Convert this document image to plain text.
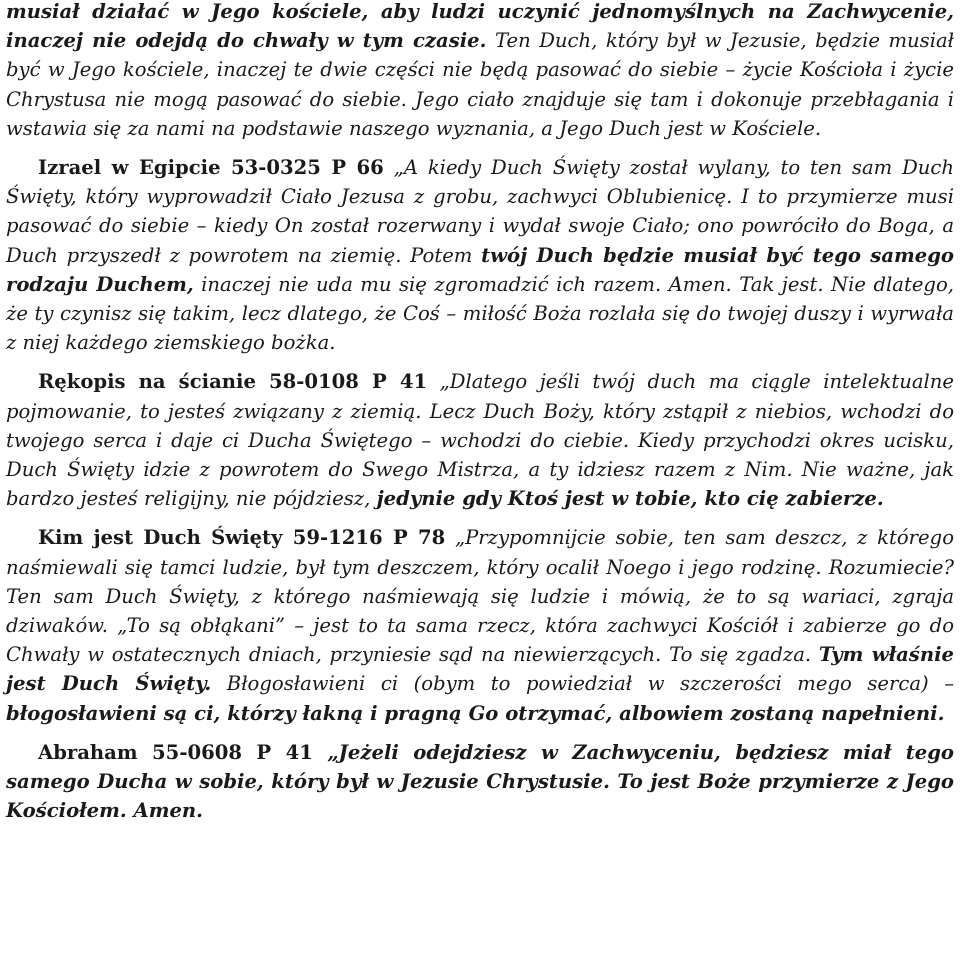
musiał działać w Jego kościele, aby ludzi uczynić jednomyślnych na Zachwycenie, inaczej nie odejdą do chwały w tym czasie. Ten Duch, który był w Jezusie, będzie musiał być w Jego kościele, inaczej te dwie części nie będą pasować do siebie – życie Kościoła i życie Chrystusa nie mogą pasować do siebie. Jego ciało znajduje się tam i dokonuje przebłagania i wstawia się za nami na podstawie naszego wyznania, a Jego Duch jest w Kościele.

Izrael w Egipcie 53-0325 P 66 „A kiedy Duch Święty został wylany, to ten sam Duch Święty, który wyprowadził Ciało Jezusa z grobu, zachwyci Oblubienicę. I to przymierze musi pasować do siebie – kiedy On został rozerwany i wydał swoje Ciało; ono powróciło do Boga, a Duch przyszedł z powrotem na ziemię. Potem twój Duch będzie musiał być tego samego rodzaju Duchem, inaczej nie uda mu się zgromadzić ich razem. Amen. Tak jest. Nie dlatego, że ty czynisz się takim, lecz dlatego, że Coś – miłość Boża rozlała się do twojej duszy i wyrwała z niej każdego ziemskiego bożka.

Rękopis na ścianie 58-0108 P 41 „Dlatego jeśli twój duch ma ciągle intelektualne pojmowanie, to jesteś związany z ziemią. Lecz Duch Boży, który zstąpił z niebios, wchodzi do twojego serca i daje ci Ducha Świętego – wchodzi do ciebie. Kiedy przychodzi okres ucisku, Duch Święty idzie z powrotem do Swego Mistrza, a ty idziesz razem z Nim. Nie ważne, jak bardzo jesteś religijny, nie pójdziesz, jedynie gdy Ktoś jest w tobie, kto cię zabierze.

Kim jest Duch Święty 59-1216 P 78 „Przypomnijcie sobie, ten sam deszcz, z którego naśmiewali się tamci ludzie, był tym deszczem, który ocalił Noego i jego rodzinę. Rozumiecie? Ten sam Duch Święty, z którego naśmiewają się ludzie i mówią, że to są wariaci, zgraja dziwaków. „To są obłąkani” – jest to ta sama rzecz, która zachwyci Kościół i zabierze go do Chwały w ostatecznych dniach, przyniesie sąd na niewierzących. To się zgadza. Tym właśnie jest Duch Święty. Błogosławieni ci (obym to powiedział w szczerości mego serca) – błogosławieni są ci, którzy łakną i pragną Go otrzymać, albowiem zostaną napełnieni.

Abraham 55-0608 P 41 „Jeżeli odejdziesz w Zachwyceniu, będziesz miał tego samego Ducha w sobie, który był w Jezusie Chrystusie. To jest Boże przymierze z Jego Kościołem. Amen.
